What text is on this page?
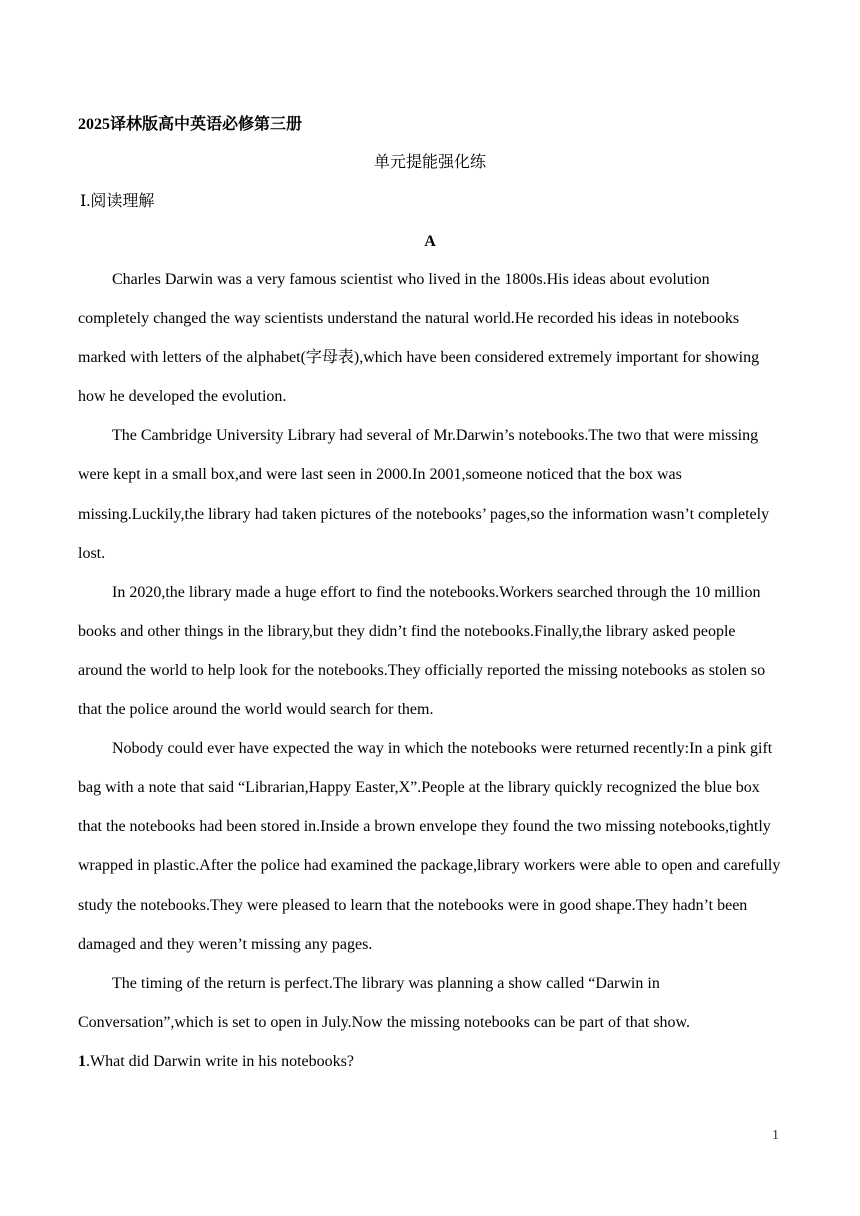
2025译林版高中英语必修第三册
单元提能强化练
Ⅰ.阅读理解
A

Charles Darwin was a very famous scientist who lived in the 1800s.His ideas about evolution completely changed the way scientists understand the natural world.He recorded his ideas in notebooks marked with letters of the alphabet(字母表),which have been considered extremely important for showing how he developed the evolution.

The Cambridge University Library had several of Mr.Darwin’s notebooks.The two that were missing were kept in a small box,and were last seen in 2000.In 2001,someone noticed that the box was missing.Luckily,the library had taken pictures of the notebooks’ pages,so the information wasn’t completely lost.

In 2020,the library made a huge effort to find the notebooks.Workers searched through the 10 million books and other things in the library,but they didn’t find the notebooks.Finally,the library asked people around the world to help look for the notebooks.They officially reported the missing notebooks as stolen so that the police around the world would search for them.

Nobody could ever have expected the way in which the notebooks were returned recently:In a pink gift bag with a note that said “Librarian,Happy Easter,X”.People at the library quickly recognized the blue box that the notebooks had been stored in.Inside a brown envelope they found the two missing notebooks,tightly wrapped in plastic.After the police had examined the package,library workers were able to open and carefully study the notebooks.They were pleased to learn that the notebooks were in good shape.They hadn’t been damaged and they weren’t missing any pages.

The timing of the return is perfect.The library was planning a show called “Darwin in Conversation”,which is set to open in July.Now the missing notebooks can be part of that show.

1.What did Darwin write in his notebooks?

1
